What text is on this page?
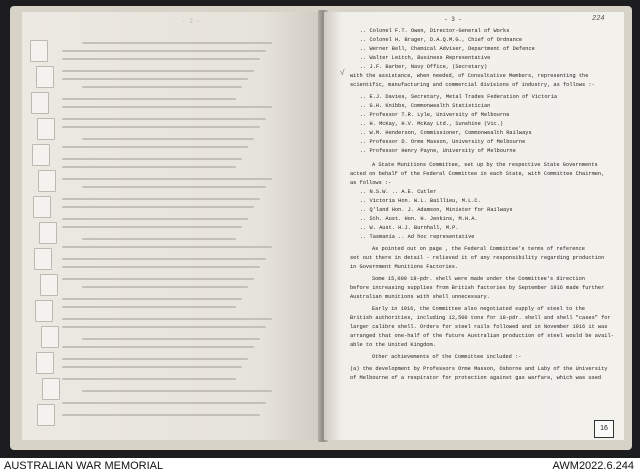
- 2 -	- 3 -	224
√
.. Colonel F.T. Owen, Director-General of Works
.. Colonel H. Brager, D.A.Q.M.G., Chief of Ordnance
.. Werner Bell, Chemical Adviser, Department of Defence
.. Walter Leitch, Business Representative
.. J.F. Barber, Navy Office, (Secretary)
with the assistance, when needed, of Consultative Members, representing the
scientific, manufacturing and commercial divisions of industry, as follows :-
.. E.J. Davies, Secretary, Metal Trades Federation of Victoria
.. G.H. Knibbs, Commonwealth Statistician
.. Professor T.R. Lyle, University of Melbourne
.. H. McKay, H.V. McKay Ltd., Sunshine (Vic.)
.. W.M. Henderson, Commissioner, Commonwealth Railways
.. Professor D. Orme Masson, University of Melbourne
.. Professor Henry Payne, University of Melbourne
A State Munitions Committee, set up by the respective State Governments
acted on behalf of the Federal Committee in each State, with Committee Chairmen,
as follows :-
.. N.S.W. .. A.E. Cutler
.. Victoria Hon. W.L. Baillieu, M.L.C.
.. Q'land Hon. J. Adamson, Minister for Railways
.. Sth. Aust. Hon. H. Jenkins, M.H.A.
.. W. Aust. H.J. Burnhall, M.P.
.. Tasmania .. Ad hoc representative
As pointed out on page , the Federal Committee's terms of reference
set out there in detail - relieved it of any responsibility regarding production
in Government Munitions Factories.
Some 15,000 18-pdr. shell were made under the Committee's direction
before increasing supplies from British factories by September 1916 made further
Australian munitions with shell unnecessary.
Early in 1916, the Committee also negotiated supply of steel to the
British authorities, including 12,500 tons for 18-pdr. shell and shell "cases" for
larger calibre shell. Orders for steel rails followed and in November 1916 it was
arranged that one-half of the future Australian production of steel would be avail-
able to the United Kingdom.
Other achievements of the Committee included :-
(a) the development by Professors Orme Masson, Osborne and Laby of the University
of Melbourne of a respirator for protection against gas warfare, which was used
16
AUSTRALIAN WAR MEMORIAL	AWM2022.6.244
